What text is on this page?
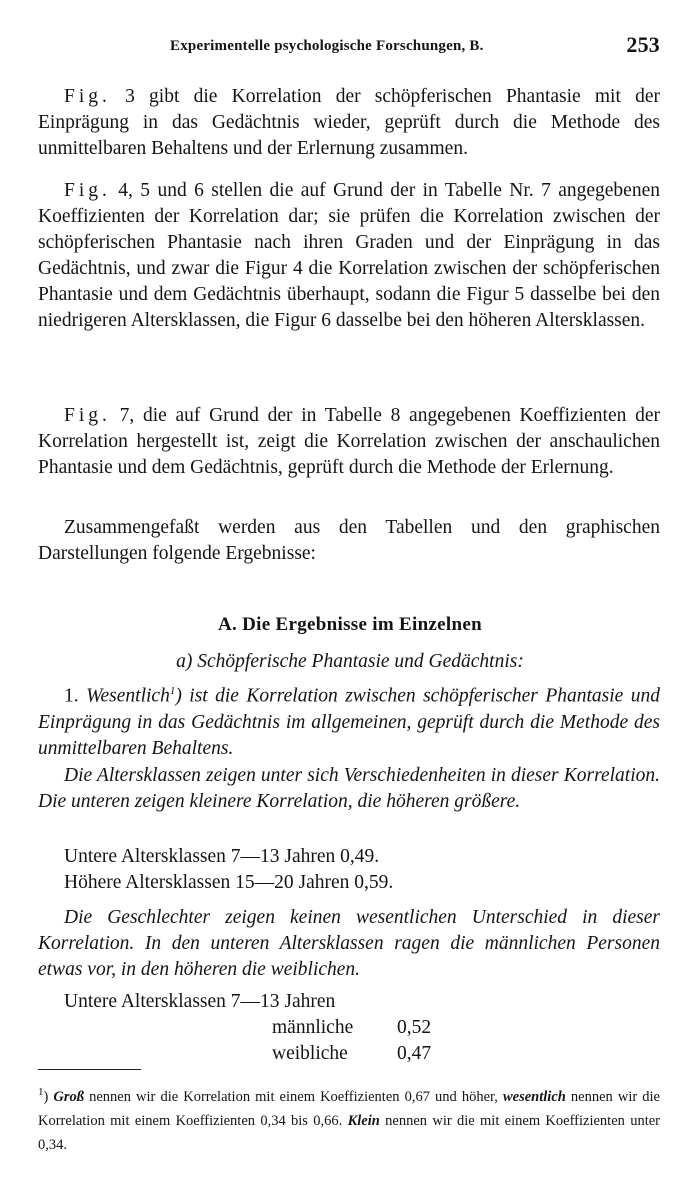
Experimentelle psychologische Forschungen, B.	253
Fig. 3 gibt die Korrelation der schöpferischen Phantasie mit der Einprägung in das Gedächtnis wieder, geprüft durch die Methode des unmittelbaren Behaltens und der Erlernung zusammen.
Fig. 4, 5 und 6 stellen die auf Grund der in Tabelle Nr. 7 angegebenen Koeffizienten der Korrelation dar; sie prüfen die Korrelation zwischen der schöpferischen Phantasie nach ihren Graden und der Einprägung in das Gedächtnis, und zwar die Figur 4 die Korrelation zwischen der schöpferischen Phantasie und dem Gedächtnis überhaupt, sodann die Figur 5 dasselbe bei den niedrigeren Altersklassen, die Figur 6 dasselbe bei den höheren Altersklassen.
Fig. 7, die auf Grund der in Tabelle 8 angegebenen Koeffizienten der Korrelation hergestellt ist, zeigt die Korrelation zwischen der anschaulichen Phantasie und dem Gedächtnis, geprüft durch die Methode der Erlernung.
Zusammengefaßt werden aus den Tabellen und den graphischen Darstellungen folgende Ergebnisse:
A. Die Ergebnisse im Einzelnen
a) Schöpferische Phantasie und Gedächtnis:
1. Wesentlich$^1$) ist die Korrelation zwischen schöpferischer Phantasie und Einprägung in das Gedächtnis im allgemeinen, geprüft durch die Methode des unmittelbaren Behaltens.
Die Altersklassen zeigen unter sich Verschiedenheiten in dieser Korrelation. Die unteren zeigen kleinere Korrelation, die höheren größere.
Untere Altersklassen 7—13 Jahren 0,49.
Höhere Altersklassen 15—20 Jahren 0,59.
Die Geschlechter zeigen keinen wesentlichen Unterschied in dieser Korrelation. In den unteren Altersklassen ragen die männlichen Personen etwas vor, in den höheren die weiblichen.
Untere Altersklassen 7—13 Jahren
männliche 0,52
weibliche	0,47
$^1$) Groß nennen wir die Korrelation mit einem Koeffizienten 0,67 und höher, wesentlich nennen wir die Korrelation mit einem Koeffizienten 0,34 bis 0,66. Klein nennen wir die mit einem Koeffizienten unter 0,34.
